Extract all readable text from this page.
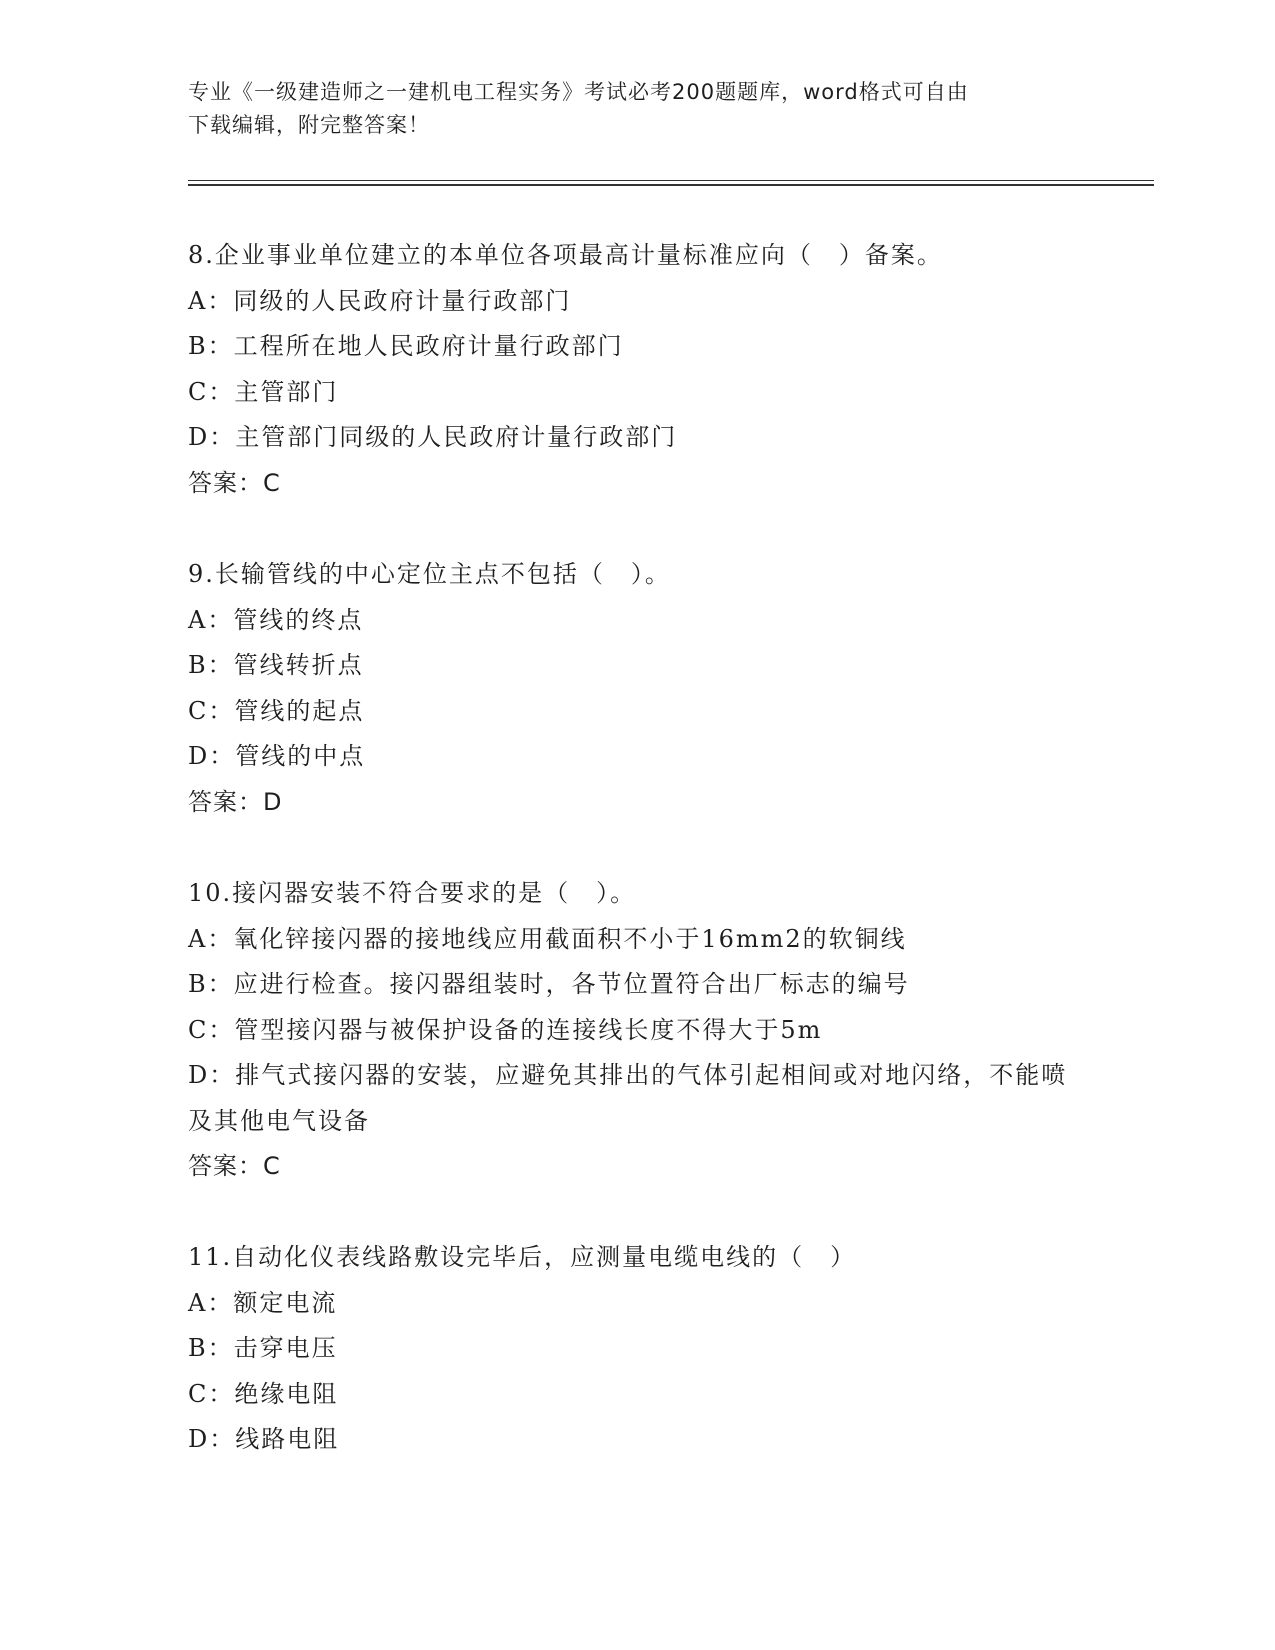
专业《一级建造师之一建机电工程实务》考试必考200题题库，word格式可自由
下载编辑，附完整答案！
8.企业事业单位建立的本单位各项最高计量标准应向（　）备案。
A：同级的人民政府计量行政部门
B：工程所在地人民政府计量行政部门
C：主管部门
D：主管部门同级的人民政府计量行政部门
答案：C
9.长输管线的中心定位主点不包括（　）。
A：管线的终点
B：管线转折点
C：管线的起点
D：管线的中点
答案：D
10.接闪器安装不符合要求的是（　）。
A：氧化锌接闪器的接地线应用截面积不小于16mm2的软铜线
B：应进行检查。接闪器组装时，各节位置符合出厂标志的编号
C：管型接闪器与被保护设备的连接线长度不得大于5m
D：排气式接闪器的安装，应避免其排出的气体引起相间或对地闪络，不能喷及其他电气设备
答案：C
11.自动化仪表线路敷设完毕后，应测量电缆电线的（　）
A：额定电流
B：击穿电压
C：绝缘电阻
D：线路电阻
